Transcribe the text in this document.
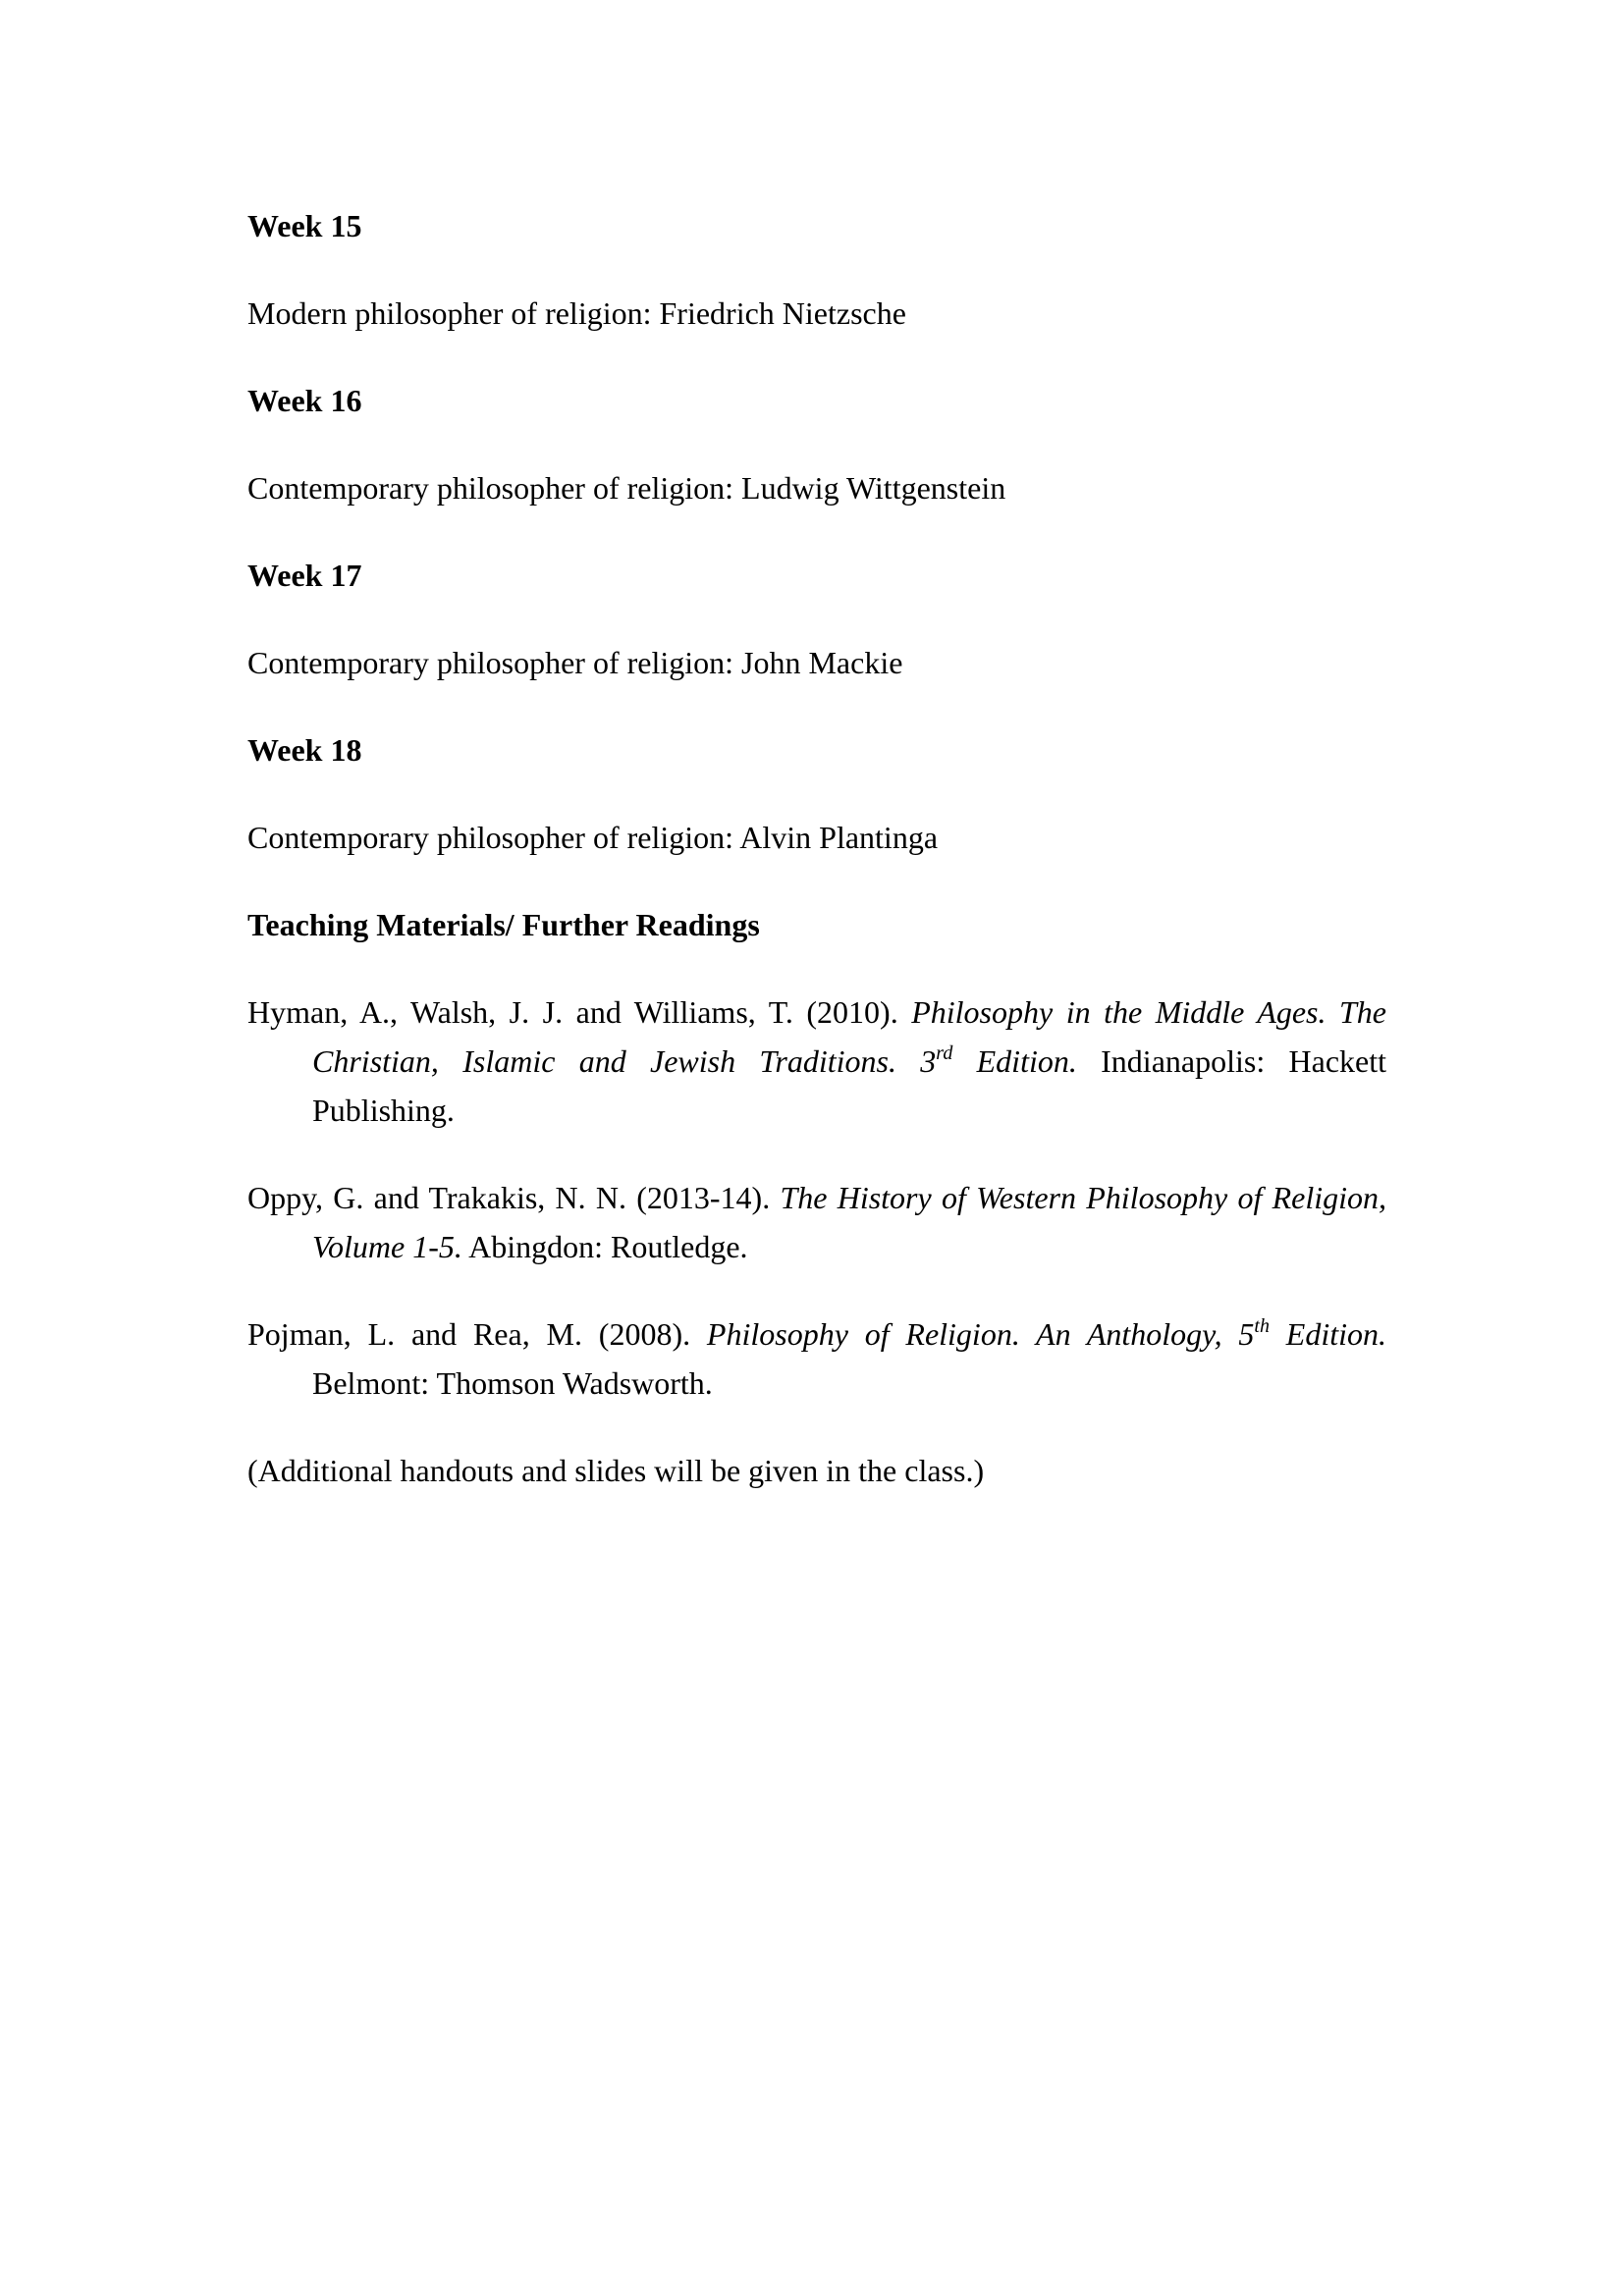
Week 15

Modern philosopher of religion: Friedrich Nietzsche

Week 16

Contemporary philosopher of religion: Ludwig Wittgenstein

Week 17

Contemporary philosopher of religion: John Mackie

Week 18

Contemporary philosopher of religion: Alvin Plantinga

Teaching Materials/ Further Readings

Hyman, A., Walsh, J. J. and Williams, T. (2010). Philosophy in the Middle Ages. The Christian, Islamic and Jewish Traditions. 3rd Edition. Indianapolis: Hackett Publishing.

Oppy, G. and Trakakis, N. N. (2013-14). The History of Western Philosophy of Religion, Volume 1-5. Abingdon: Routledge.

Pojman, L. and Rea, M. (2008). Philosophy of Religion. An Anthology, 5th Edition. Belmont: Thomson Wadsworth.

(Additional handouts and slides will be given in the class.)
